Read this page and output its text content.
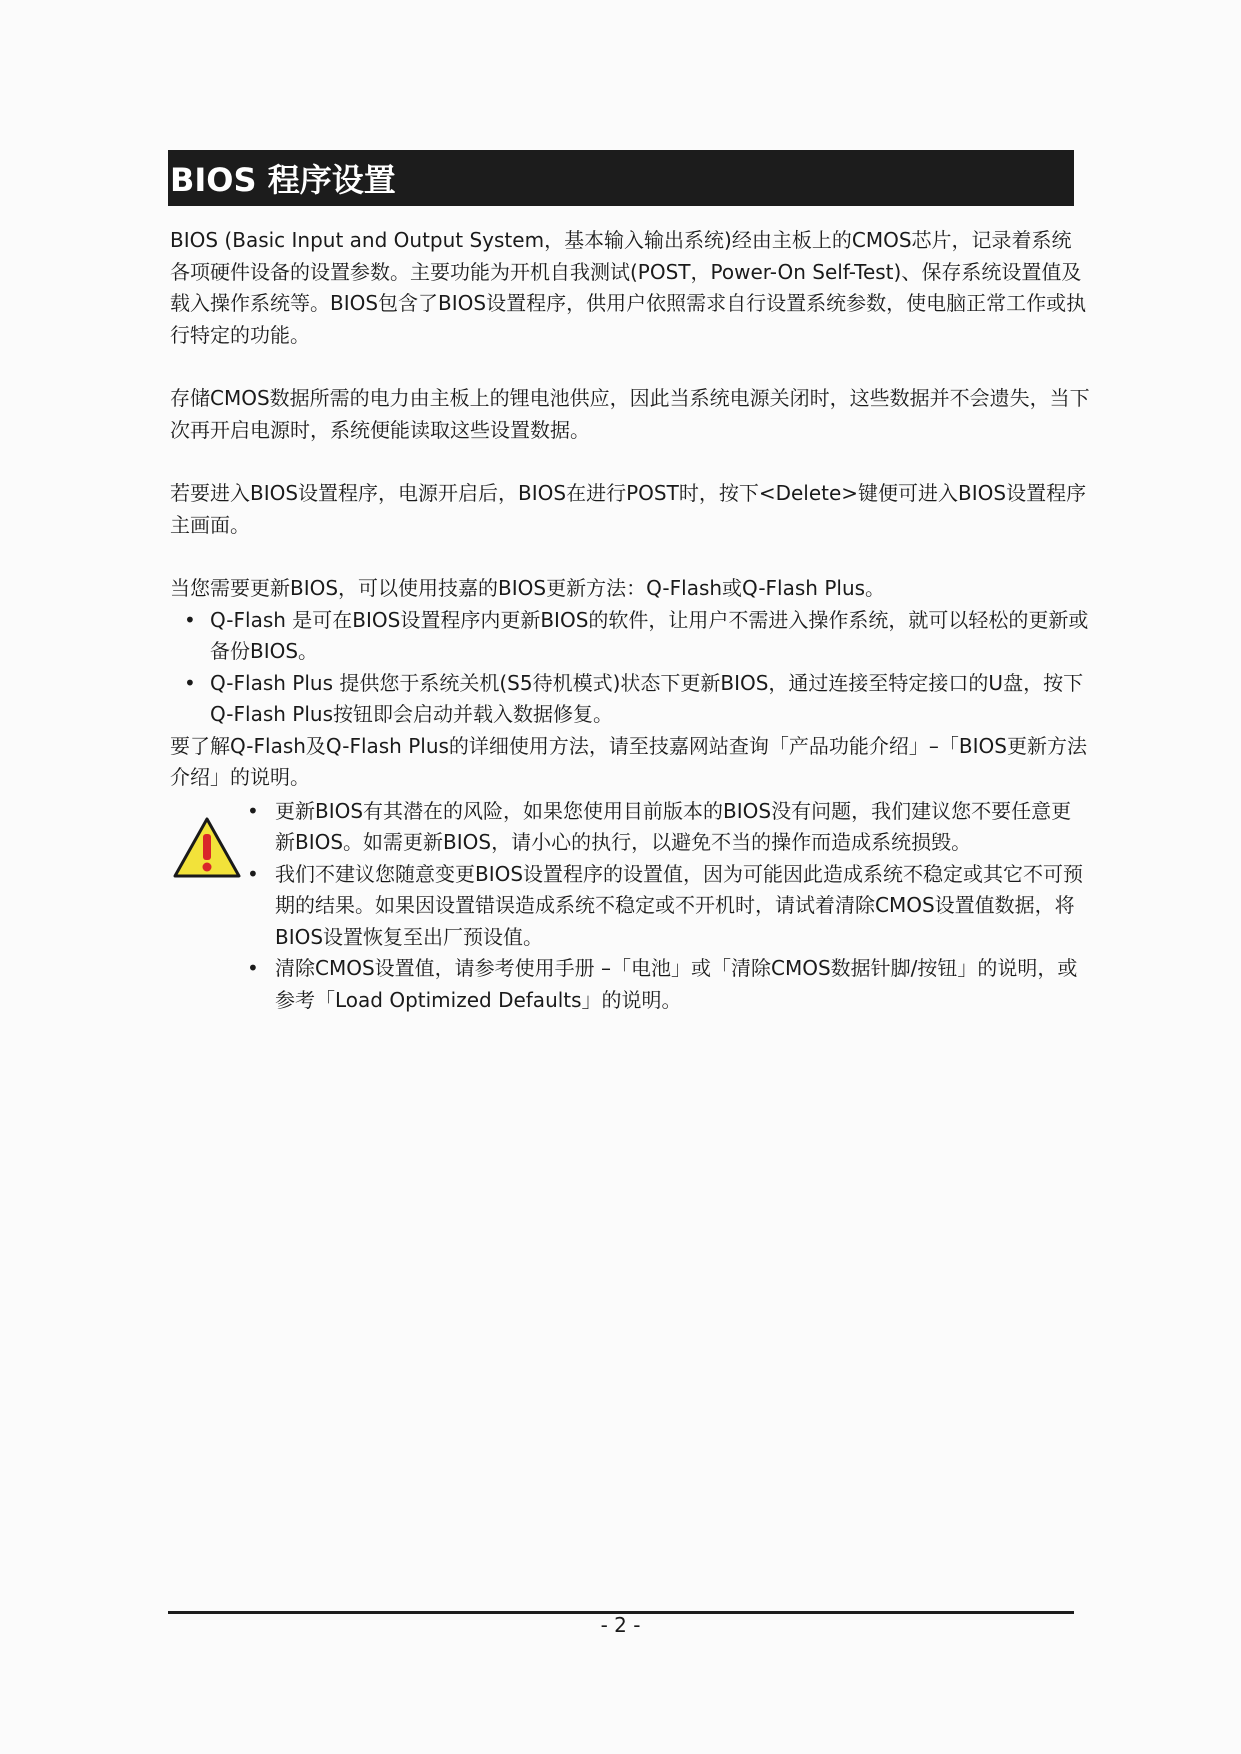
BIOS 程序设置

BIOS (Basic Input and Output System，基本输入输出系统)经由主板上的CMOS芯片，记录着系统各项硬件设备的设置参数。主要功能为开机自我测试(POST，Power-On Self-Test)、保存系统设置值及载入操作系统等。BIOS包含了BIOS设置程序，供用户依照需求自行设置系统参数，使电脑正常工作或执行特定的功能。

存储CMOS数据所需的电力由主板上的锂电池供应，因此当系统电源关闭时，这些数据并不会遗失，当下次再开启电源时，系统便能读取这些设置数据。

若要进入BIOS设置程序，电源开启后，BIOS在进行POST时，按下<Delete>键便可进入BIOS设置程序主画面。

当您需要更新BIOS，可以使用技嘉的BIOS更新方法：Q-Flash或Q-Flash Plus。

• Q-Flash 是可在BIOS设置程序内更新BIOS的软件，让用户不需进入操作系统，就可以轻松的更新或备份BIOS。
• Q-Flash Plus 提供您于系统关机(S5待机模式)状态下更新BIOS，通过连接至特定接口的U盘，按下Q-Flash Plus按钮即会启动并载入数据修复。

要了解Q-Flash及Q-Flash Plus的详细使用方法，请至技嘉网站查询「产品功能介绍」–「BIOS更新方法介绍」的说明。

• 更新BIOS有其潜在的风险，如果您使用目前版本的BIOS没有问题，我们建议您不要任意更新BIOS。如需更新BIOS，请小心的执行，以避免不当的操作而造成系统损毁。
• 我们不建议您随意变更BIOS设置程序的设置值，因为可能因此造成系统不稳定或其它不可预期的结果。如果因设置错误造成系统不稳定或不开机时，请试着清除CMOS设置值数据，将BIOS设置恢复至出厂预设值。
• 清除CMOS设置值，请参考使用手册 –「电池」或「清除CMOS数据针脚/按钮」的说明，或参考「Load Optimized Defaults」的说明。
- 2 -
